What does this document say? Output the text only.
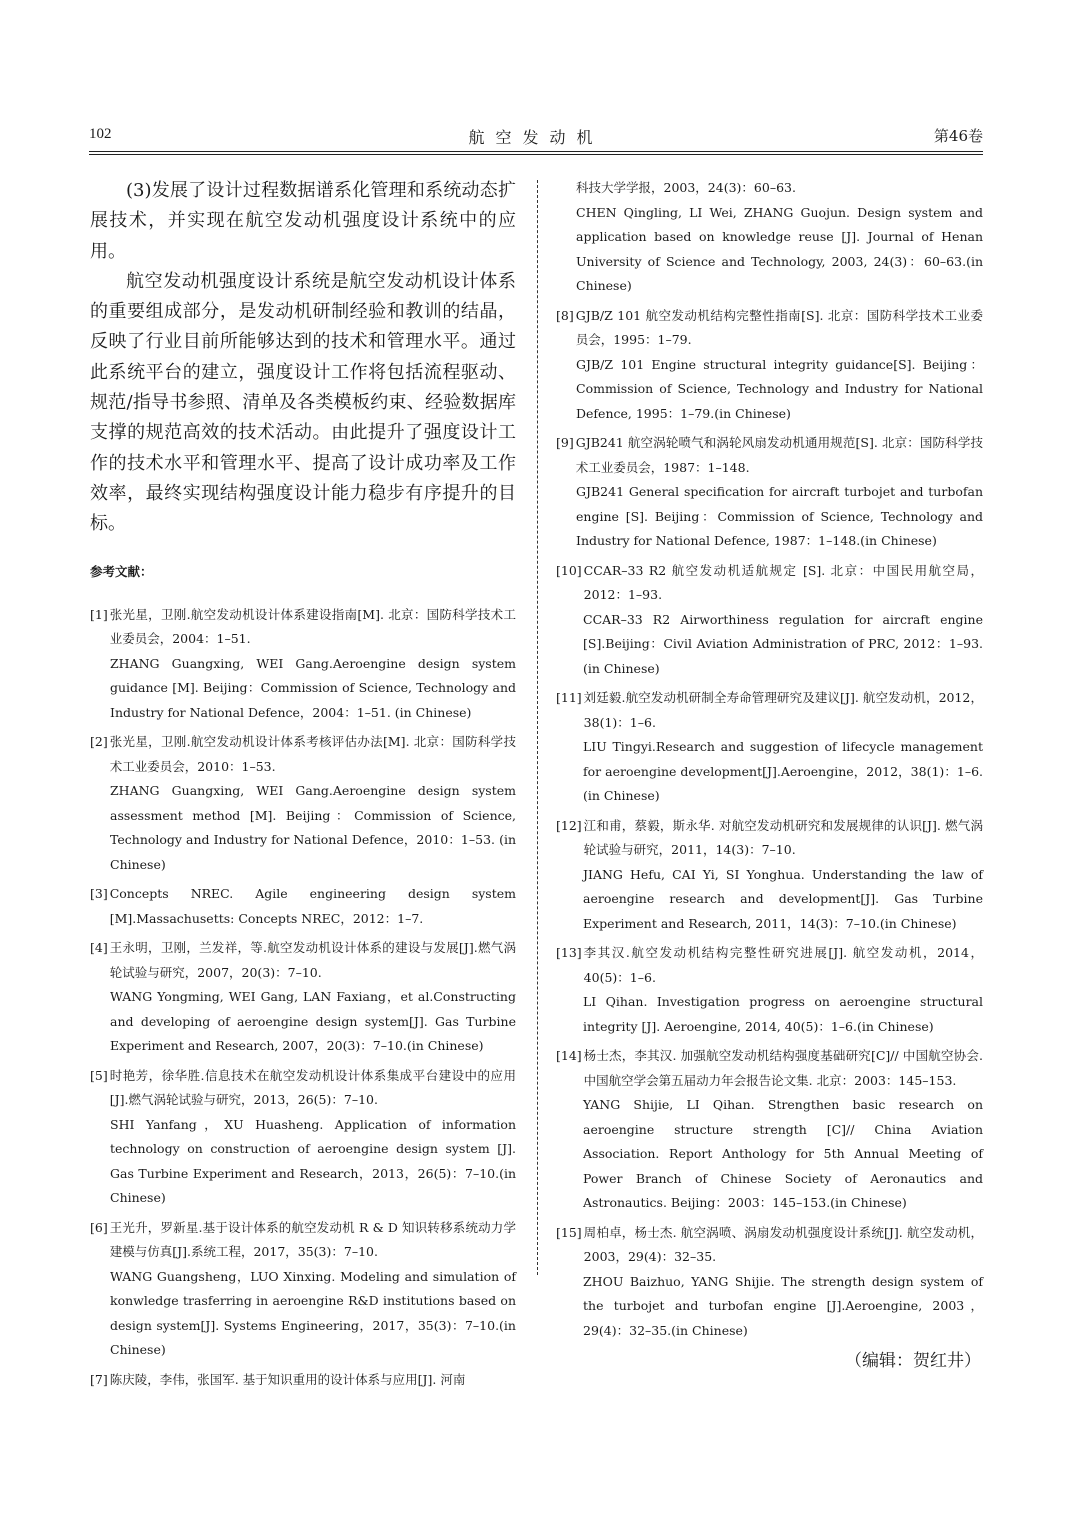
102	航空发动机	第46卷

(3)发展了设计过程数据谱系化管理和系统动态扩展技术，并实现在航空发动机强度设计系统中的应用。

航空发动机强度设计系统是航空发动机设计体系的重要组成部分，是发动机研制经验和教训的结晶，反映了行业目前所能够达到的技术和管理水平。通过此系统平台的建立，强度设计工作将包括流程驱动、规范/指导书参照、清单及各类模板约束、经验数据库支撑的规范高效的技术活动。由此提升了强度设计工作的技术水平和管理水平、提高了设计成功率及工作效率，最终实现结构强度设计能力稳步有序提升的目标。

参考文献：
[1] 张光星，卫刚.航空发动机设计体系建设指南[M]. 北京：国防科学技术工业委员会，2004：1–51.
ZHANG Guangxing, WEI Gang.Aeroengine design system guidance [M]. Beijing：Commission of Science, Technology and Industry for National Defence，2004：1–51. (in Chinese)
[2] 张光星，卫刚.航空发动机设计体系考核评估办法[M]. 北京：国防科学技术工业委员会，2010：1–53.
ZHANG Guangxing, WEI Gang.Aeroengine design system assessment method [M]. Beijing：Commission of Science, Technology and Industry for National Defence，2010：1–53. (in Chinese)
[3] Concepts NREC. Agile engineering design system [M].Massachusetts: Concepts NREC，2012：1–7.
[4] 王永明，卫刚，兰发祥，等.航空发动机设计体系的建设与发展[J].燃气涡轮试验与研究，2007，20(3)：7–10.
WANG Yongming, WEI Gang, LAN Faxiang，et al.Constructing and developing of aeroengine design system[J]. Gas Turbine Experiment and Research, 2007，20(3)：7–10.(in Chinese)
[5] 时艳芳，徐华胜.信息技术在航空发动机设计体系集成平台建设中的应用[J].燃气涡轮试验与研究，2013，26(5)：7–10.
SHI Yanfang，XU Huasheng. Application of information technology on construction of aeroengine design system [J]. Gas Turbine Experiment and Research，2013，26(5)：7–10.(in Chinese)
[6] 王光升，罗新星.基于设计体系的航空发动机 R & D 知识转移系统动力学建模与仿真[J].系统工程，2017，35(3)：7–10.
WANG Guangsheng，LUO Xinxing. Modeling and simulation of konwledge trasferring in aeroengine R&D institutions based on design system[J]. Systems Engineering，2017，35(3)：7–10.(in Chinese)
[7] 陈庆陵，李伟，张国军. 基于知识重用的设计体系与应用[J]. 河南
科技大学学报，2003，24(3)：60–63.
CHEN Qingling, LI Wei, ZHANG Guojun. Design system and application based on knowledge reuse [J]. Journal of Henan University of Science and Technology, 2003, 24(3)：60–63.(in Chinese)
[8] GJB/Z 101 航空发动机结构完整性指南[S]. 北京：国防科学技术工业委员会，1995：1–79.
GJB/Z 101 Engine structural integrity guidance[S]. Beijing：Commission of Science, Technology and Industry for National Defence, 1995：1–79.(in Chinese)
[9] GJB241 航空涡轮喷气和涡轮风扇发动机通用规范[S]. 北京：国防科学技术工业委员会，1987：1–148.
GJB241 General specification for aircraft turbojet and turbofan engine [S]. Beijing：Commission of Science, Technology and Industry for National Defence, 1987：1–148.(in Chinese)
[10] CCAR–33 R2 航空发动机适航规定 [S]. 北京：中国民用航空局，2012：1–93.
CCAR–33 R2 Airworthiness regulation for aircraft engine [S].Beijing：Civil Aviation Administration of PRC, 2012：1–93.(in Chinese)
[11] 刘廷毅.航空发动机研制全寿命管理研究及建议[J]. 航空发动机，2012，38(1)：1–6.
LIU Tingyi.Research and suggestion of lifecycle management for aeroengine development[J].Aeroengine，2012，38(1)：1–6.(in Chinese)
[12] 江和甫，蔡毅，斯永华. 对航空发动机研究和发展规律的认识[J]. 燃气涡轮试验与研究，2011，14(3)：7–10.
JIANG Hefu, CAI Yi, SI Yonghua. Understanding the law of aeroengine research and development[J]. Gas Turbine Experiment and Research, 2011，14(3)：7–10.(in Chinese)
[13] 李其汉.航空发动机结构完整性研究进展[J]. 航空发动机，2014，40(5)：1–6.
LI Qihan. Investigation progress on aeroengine structural integrity [J]. Aeroengine, 2014, 40(5)：1–6.(in Chinese)
[14] 杨士杰，李其汉. 加强航空发动机结构强度基础研究[C]// 中国航空协会. 中国航空学会第五届动力年会报告论文集. 北京：2003：145–153.
YANG Shijie, LI Qihan. Strengthen basic research on aeroengine structure strength [C]// China Aviation Association. Report Anthology for 5th Annual Meeting of Power Branch of Chinese Society of Aeronautics and Astronautics. Beijing：2003：145–153.(in Chinese)
[15] 周柏卓，杨士杰. 航空涡喷、涡扇发动机强度设计系统[J]. 航空发动机，2003，29(4)：32–35.
ZHOU Baizhuo, YANG Shijie. The strength design system of the turbojet and turbofan engine [J].Aeroengine, 2003，29(4)：32–35.(in Chinese)
（编辑：贺红井）
